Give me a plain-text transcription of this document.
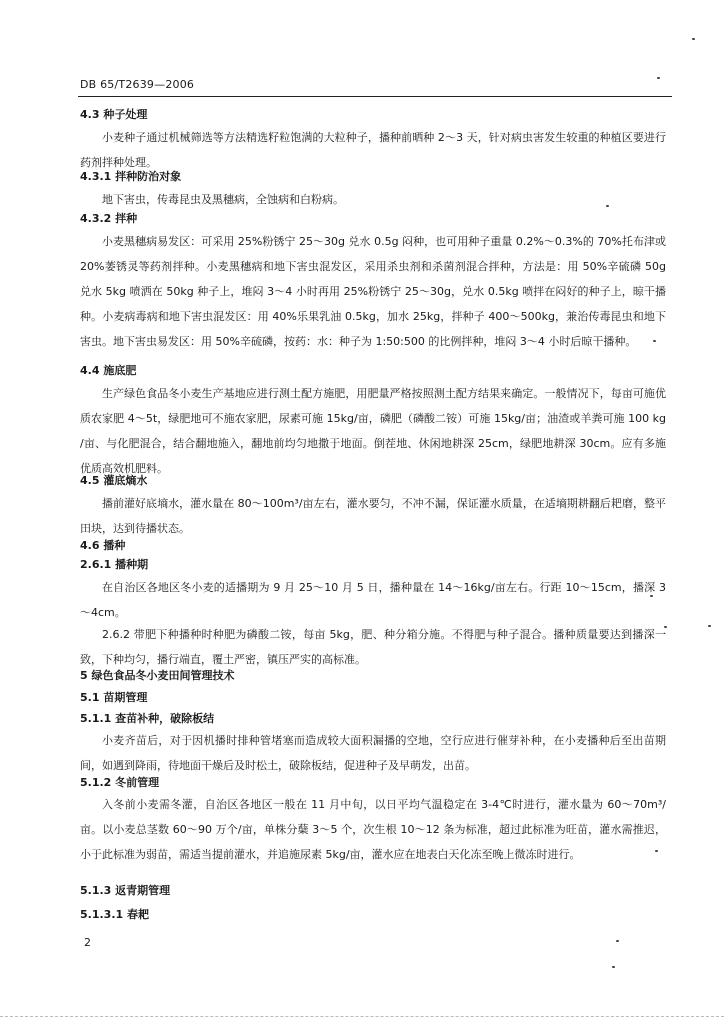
DB 65/T2639—2006
4.3 种子处理
小麦种子通过机械筛选等方法精选籽粒饱满的大粒种子，播种前晒种 2～3 天，针对病虫害发生较重的种植区要进行药剂拌种处理。
4.3.1 拌种防治对象
地下害虫，传毒昆虫及黑穗病，全蚀病和白粉病。
4.3.2 拌种
小麦黑穗病易发区：可采用 25%粉锈宁 25～30g 兑水 0.5g 闷种，也可用种子重量 0.2%～0.3%的 70%托布津或 20%萎锈灵等药剂拌种。小麦黑穗病和地下害虫混发区，采用杀虫剂和杀菌剂混合拌种，方法是：用 50%辛硫磷 50g 兑水 5kg 喷洒在 50kg 种子上，堆闷 3～4 小时再用 25%粉锈宁 25～30g，兑水 0.5kg 喷拌在闷好的种子上，晾干播种。小麦病毒病和地下害虫混发区：用 40%乐果乳油 0.5kg，加水 25kg，拌种子 400～500kg，兼治传毒昆虫和地下害虫。地下害虫易发区：用 50%辛硫磷，按药：水：种子为 1:50:500 的比例拌种，堆闷 3～4 小时后晾干播种。
4.4 施底肥
生产绿色食品冬小麦生产基地应进行测土配方施肥，用肥量严格按照测土配方结果来确定。一般情况下，每亩可施优质农家肥 4～5t，绿肥地可不施农家肥，尿素可施 15kg/亩，磷肥（磷酸二铵）可施 15kg/亩；油渣或羊粪可施 100 kg /亩、与化肥混合，结合翻地施入，翻地前均匀地撒于地面。倒茬地、休闲地耕深 25cm，绿肥地耕深 30cm。应有多施优质高效机肥料。
4.5 灌底熵水
播前灌好底墒水，灌水量在 80～100m³/亩左右，灌水要匀，不冲不漏，保证灌水质量，在适墒期耕翻后耙磨，整平田块，达到待播状态。
4.6 播种
2.6.1 播种期
在自治区各地区冬小麦的适播期为 9 月 25～10 月 5 日，播种量在 14～16kg/亩左右。行距 10～15cm，播深 3～4cm。
2.6.2 带肥下种播种时种肥为磷酸二铵，每亩 5kg，肥、种分箱分施。不得肥与种子混合。播种质量要达到播深一致，下种均匀，播行端直，覆土严密，镇压严实的高标准。
5 绿色食品冬小麦田间管理技术
5.1 苗期管理
5.1.1 查苗补种，破除板结
小麦齐苗后，对于因机播时排种管堵塞而造成较大面积漏播的空地，空行应进行催芽补种，在小麦播种后至出苗期间，如遇到降雨，待地面干燥后及时松土，破除板结，促进种子及早萌发，出苗。
5.1.2 冬前管理
入冬前小麦需冬灌，自治区各地区一般在 11 月中旬，以日平均气温稳定在 3-4℃时进行，灌水量为 60～70m³/亩。以小麦总茎数 60～90 万个/亩，单株分蘖 3～5 个，次生根 10～12 条为标准，超过此标准为旺苗，灌水需推迟，小于此标准为弱苗，需适当提前灌水，并追施尿素 5kg/亩，灌水应在地表白天化冻至晚上微冻时进行。
5.1.3 返青期管理
5.1.3.1 春耙
2
